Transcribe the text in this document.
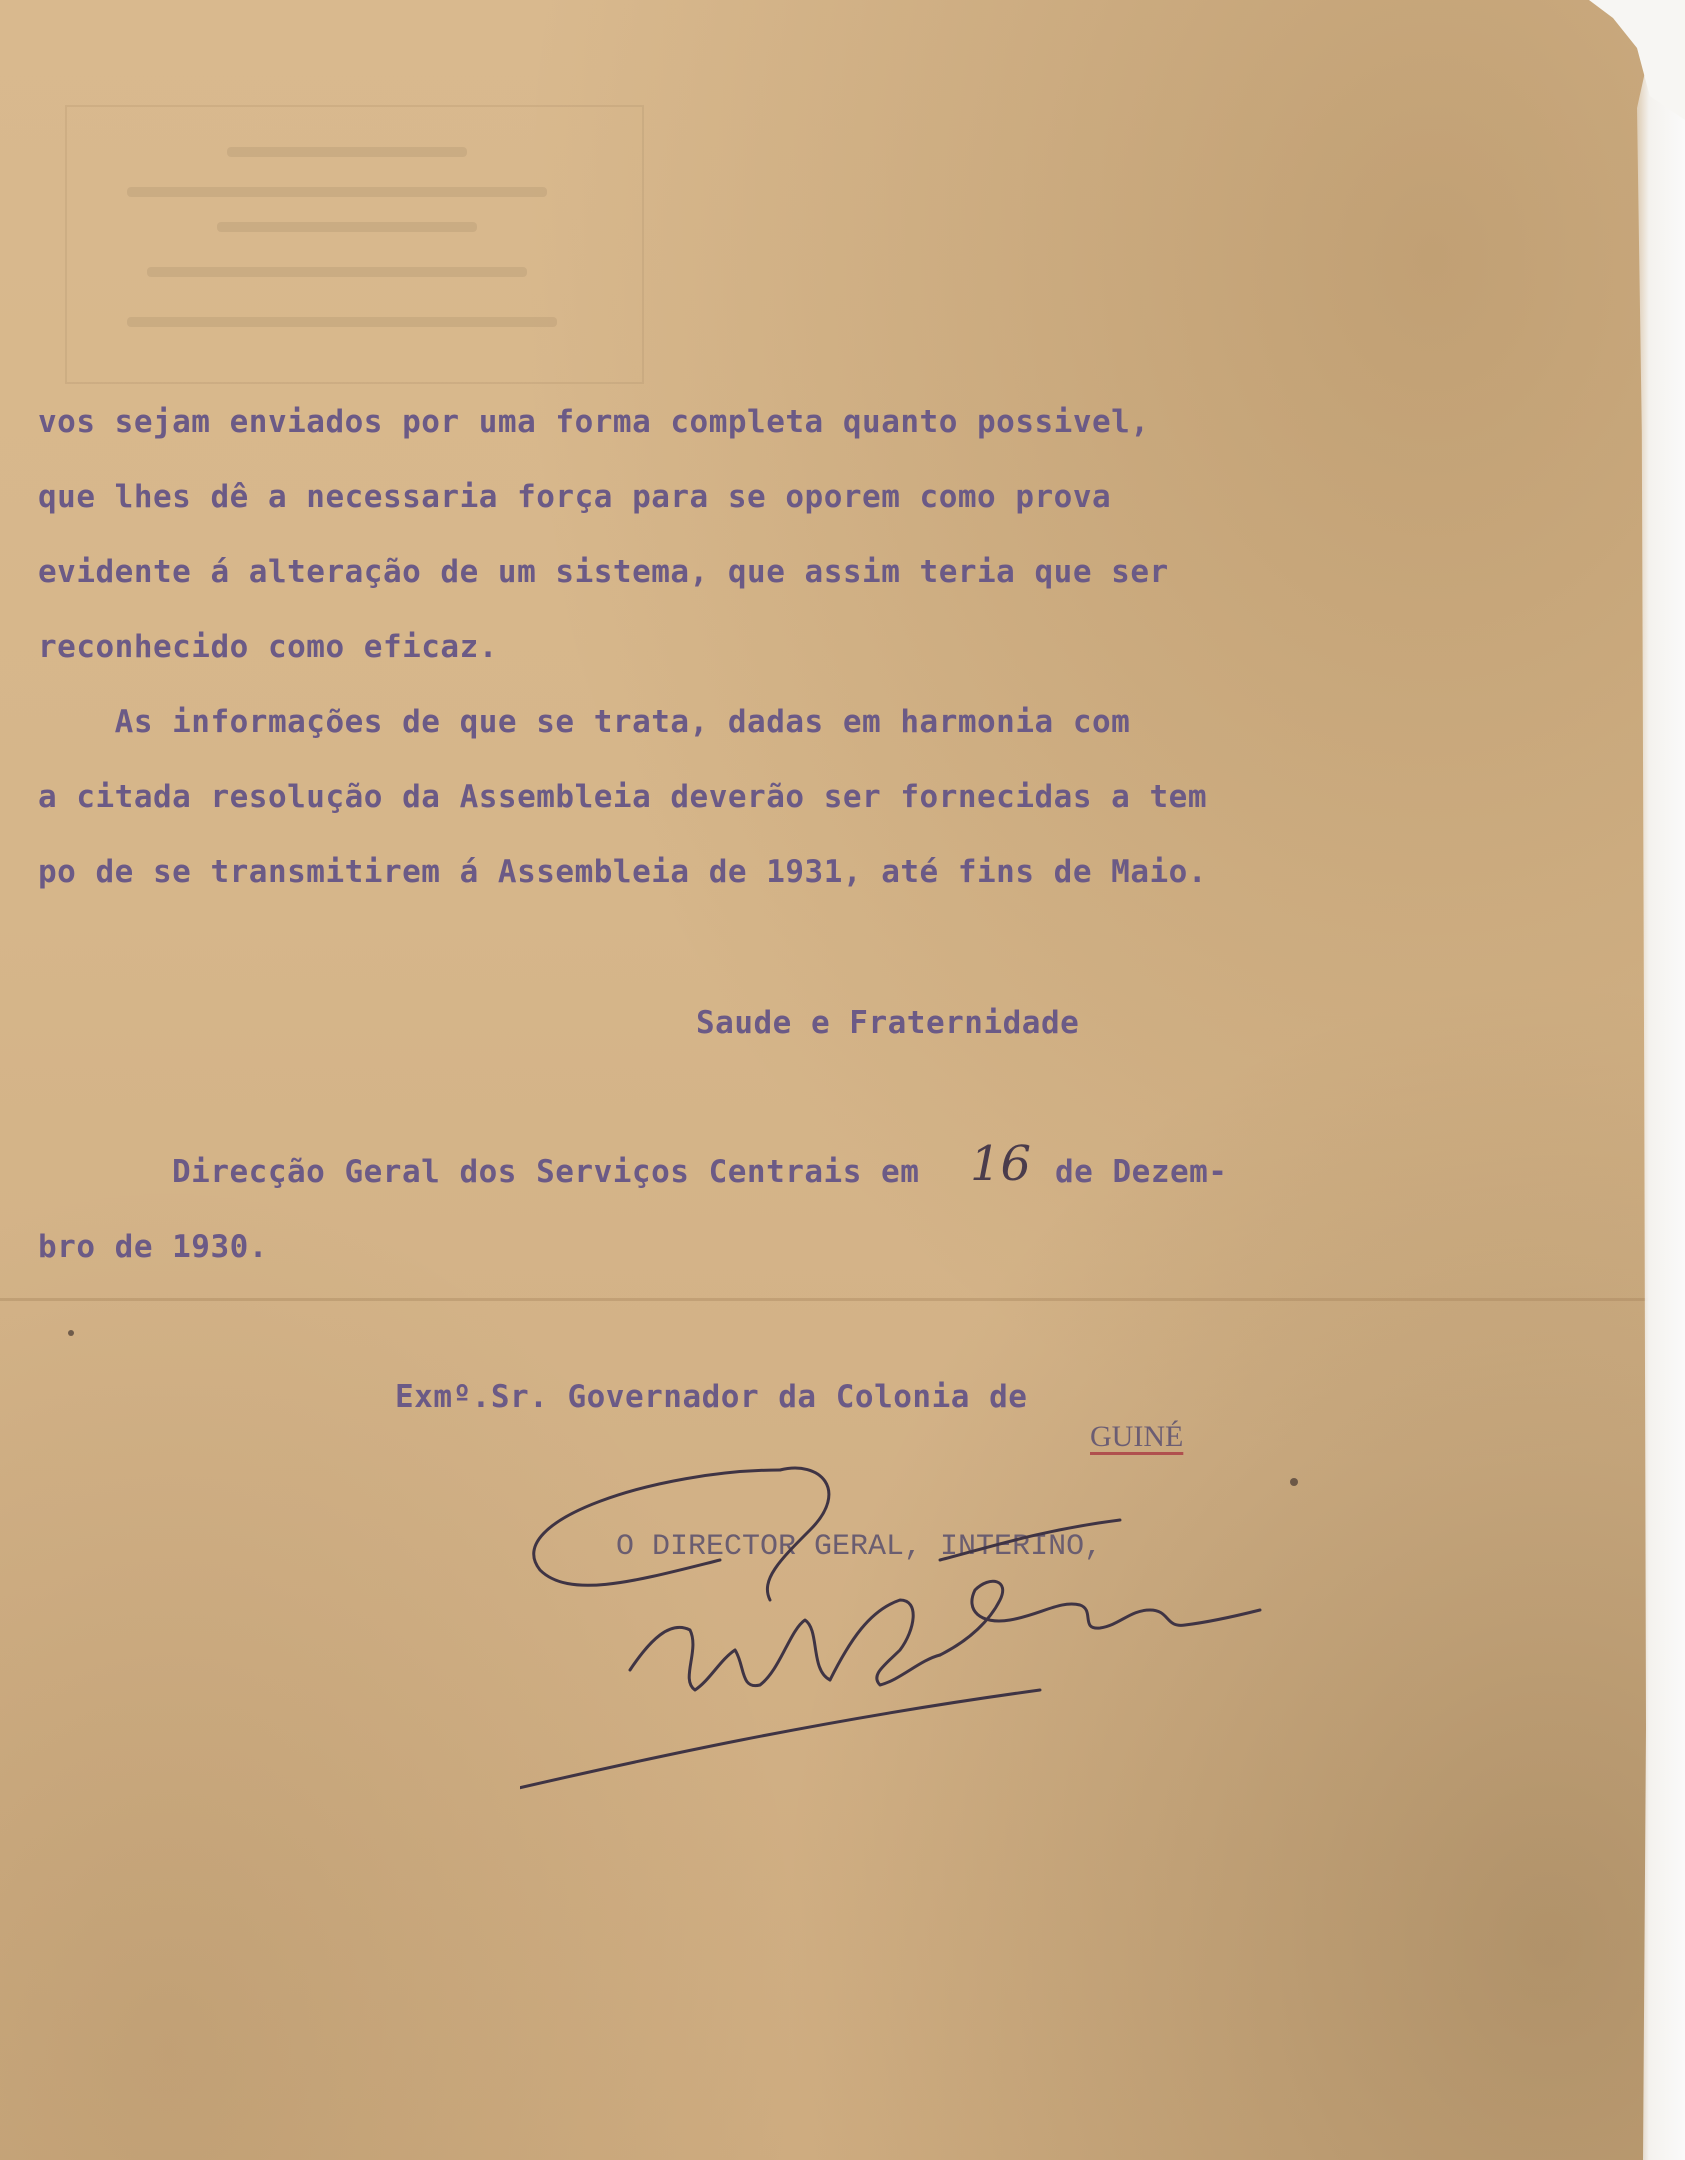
vos sejam enviados por uma forma completa quanto possivel,
que lhes dê a necessaria força para se oporem como prova
evidente á alteração de um sistema, que assim teria que ser
reconhecido como eficaz.
As informações de que se trata, dadas em harmonia com
a citada resolução da Assembleia deverão ser fornecidas a tem
po de se transmitirem á Assembleia de 1931, até fins de Maio.
Saude e Fraternidade
Direcção Geral dos Serviços Centrais em 16 de Dezem-
bro de 1930.
Exmº.Sr. Governador da Colonia de
GUINÉ
O DIRECTOR GERAL, INTERINO,
